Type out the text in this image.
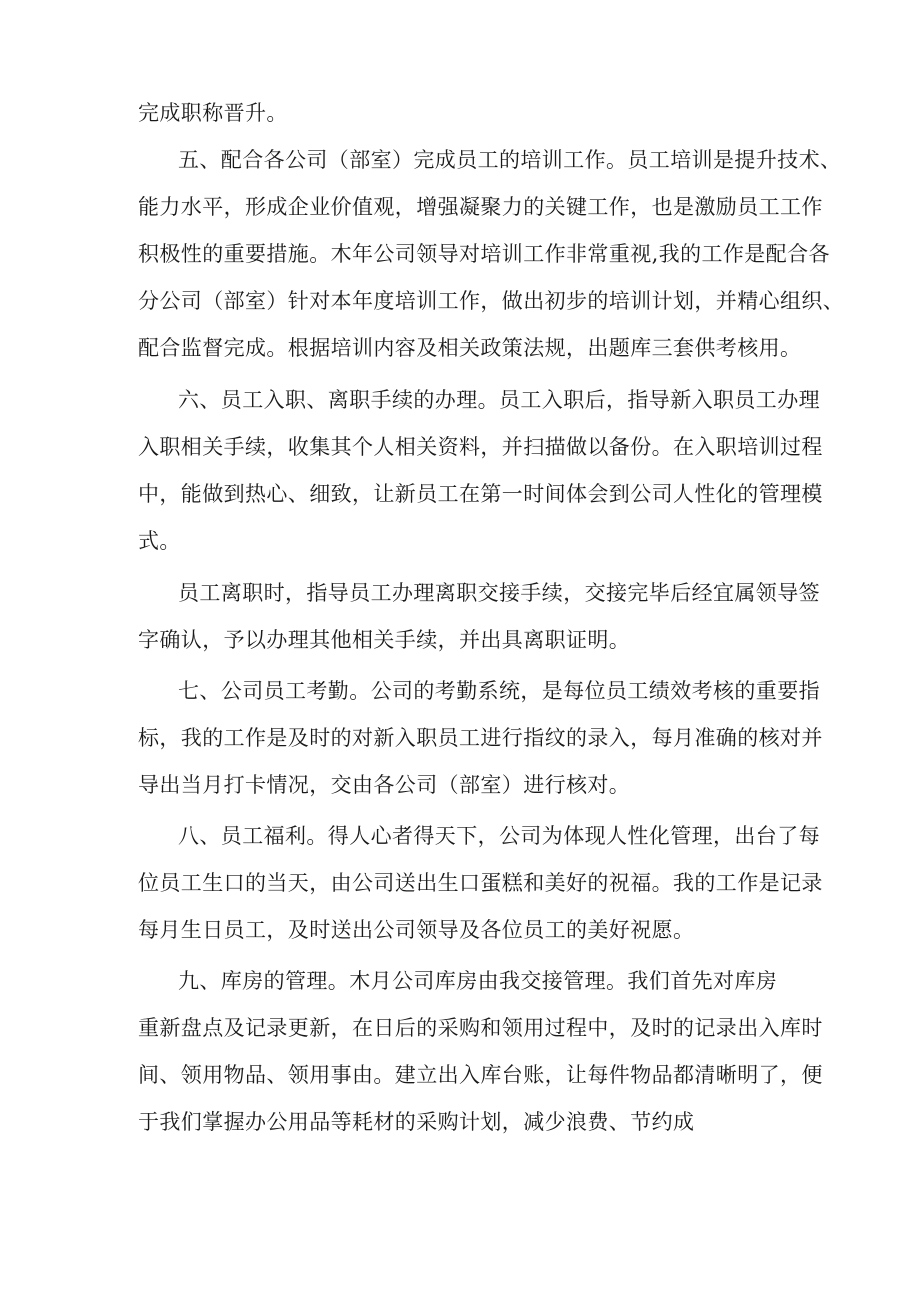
完成职称晋升。
五、配合各公司（部室）完成员工的培训工作。员工培训是提升技术、
能力水平，形成企业价值观，增强凝聚力的关键工作，也是激励员工工作
积极性的重要措施。木年公司领导对培训工作非常重视,我的工作是配合各
分公司（部室）针对本年度培训工作，做出初步的培训计划，并精心组织、
配合监督完成。根据培训内容及相关政策法规，出题库三套供考核用。
六、员工入职、离职手续的办理。员工入职后，指导新入职员工办理
入职相关手续，收集其个人相关资料，并扫描做以备份。在入职培训过程
中，能做到热心、细致，让新员工在第一时间体会到公司人性化的管理模
式。
员工离职时，指导员工办理离职交接手续，交接完毕后经宜属领导签
字确认，予以办理其他相关手续，并出具离职证明。
七、公司员工考勤。公司的考勤系统，是每位员工绩效考核的重要指
标，我的工作是及时的对新入职员工进行指纹的录入，每月准确的核对并
导出当月打卡情况，交由各公司（部室）进行核对。
八、员工福利。得人心者得天下，公司为体现人性化管理，出台了每
位员工生口的当天，由公司送出生口蛋糕和美好的祝福。我的工作是记录
每月生日员工，及时送出公司领导及各位员工的美好祝愿。
九、库房的管理。木月公司库房由我交接管理。我们首先对库房
重新盘点及记录更新，在日后的采购和领用过程中，及时的记录出入库时
间、领用物品、领用事由。建立出入库台账，让每件物品都清晰明了，便
于我们掌握办公用品等耗材的采购计划，减少浪费、节约成
